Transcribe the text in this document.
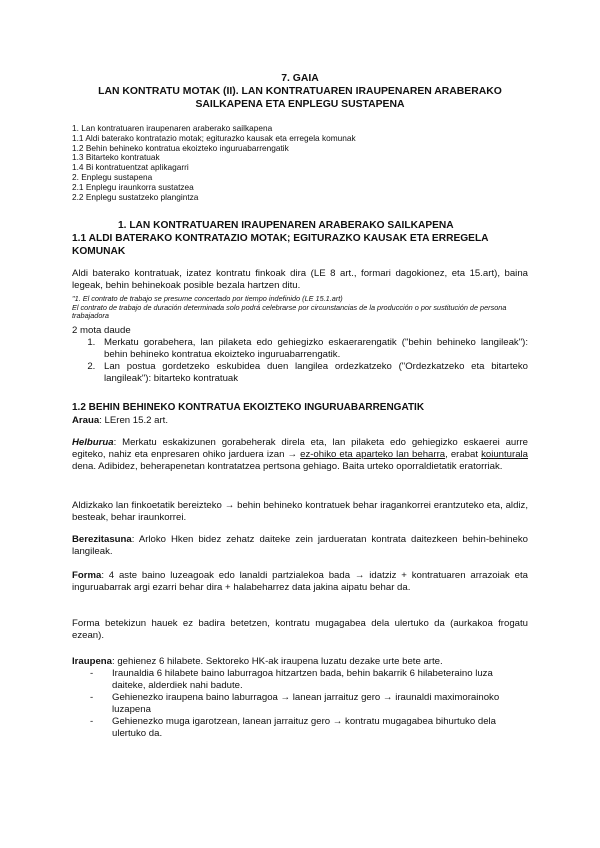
7. GAIA
LAN KONTRATU MOTAK (II). LAN KONTRATUAREN IRAUPENAREN ARABERAKO SAILKAPENA ETA ENPLEGU SUSTAPENA
1. Lan kontratuaren iraupenaren araberako sailkapena
1.1 Aldi baterako kontratazio motak; egiturazko kausak eta erregela komunak
1.2 Behin behineko kontratua ekoizteko inguruabarrengatik
1.3 Bitarteko kontratuak
1.4 Bi kontratuentzat aplikagarri
2. Enplegu sustapena
2.1 Enplegu iraunkorra sustatzea
2.2 Enplegu sustatzeko plangintza
1. LAN KONTRATUAREN IRAUPENAREN ARABERAKO SAILKAPENA
1.1 ALDI BATERAKO KONTRATAZIO MOTAK; EGITURAZKO KAUSAK ETA ERREGELA KOMUNAK
Aldi baterako kontratuak, izatez kontratu finkoak dira (LE 8 art., formari dagokionez, eta 15.art), baina legeak, behin behinekoak posible bezala hartzen ditu.
"1. El contrato de trabajo se presume concertado por tiempo indefinido (LE 15.1.art)
El contrato de trabajo de duración determinada solo podrá celebrarse por circunstancias de la producción o por sustitución de persona trabajadora
2 mota daude
1. Merkatu gorabehera, lan pilaketa edo gehiegizko eskaerarengatik ("behin behineko langileak"): behin behineko kontratua ekoizteko inguruabarrengatik.
2. Lan postua gordetzeko eskubidea duen langilea ordezkatzeko ("Ordezkatzeko eta bitarteko langileak"): bitarteko kontratuak
1.2 BEHIN BEHINEKO KONTRATUA EKOIZTEKO INGURUABARRENGATIK
Araua: LEren 15.2 art.
Helburua: Merkatu eskakizunen gorabeherak direla eta, lan pilaketa edo gehiegizko eskaerei aurre egiteko, nahiz eta enpresaren ohiko jarduera izan → ez-ohiko eta aparteko lan beharra, erabat koiunturala dena. Adibidez, beherapenetan kontratatzea pertsona gehiago. Baita urteko oporraldietatik eratorriak.
Aldizkako lan finkoetatik bereizteko → behin behineko kontratuek behar iragankorrei erantzuteko eta, aldiz, besteak, behar iraunkorrei.
Berezitasuna: Arloko Hken bidez zehatz daiteke zein jardueratan kontrata daitezkeen behin-behineko langileak.
Forma: 4 aste baino luzeagoak edo lanaldi partzialekoa bada → idatziz + kontratuaren arrazoiak eta inguruabarrak argi ezarri behar dira + halabeharrez data jakina aipatu behar da.
Forma betekizun hauek ez badira betetzen, kontratu mugagabea dela ulertuko da (aurkakoa frogatu ezean).
Iraupena: gehienez 6 hilabete. Sektoreko HK-ak iraupena luzatu dezake urte bete arte.
- Iraunaldia 6 hilabete baino laburragoa hitzartzen bada, behin bakarrik 6 hilabeteraino luza daiteke, alderdiek nahi badute.
- Gehienezko iraupena baino laburragoa → lanean jarraituz gero → iraunaldi maximorainoko luzapena
- Gehienezko muga igarotzean, lanean jarraituz gero → kontratu mugagabea bihurtuko dela ulertuko da.
